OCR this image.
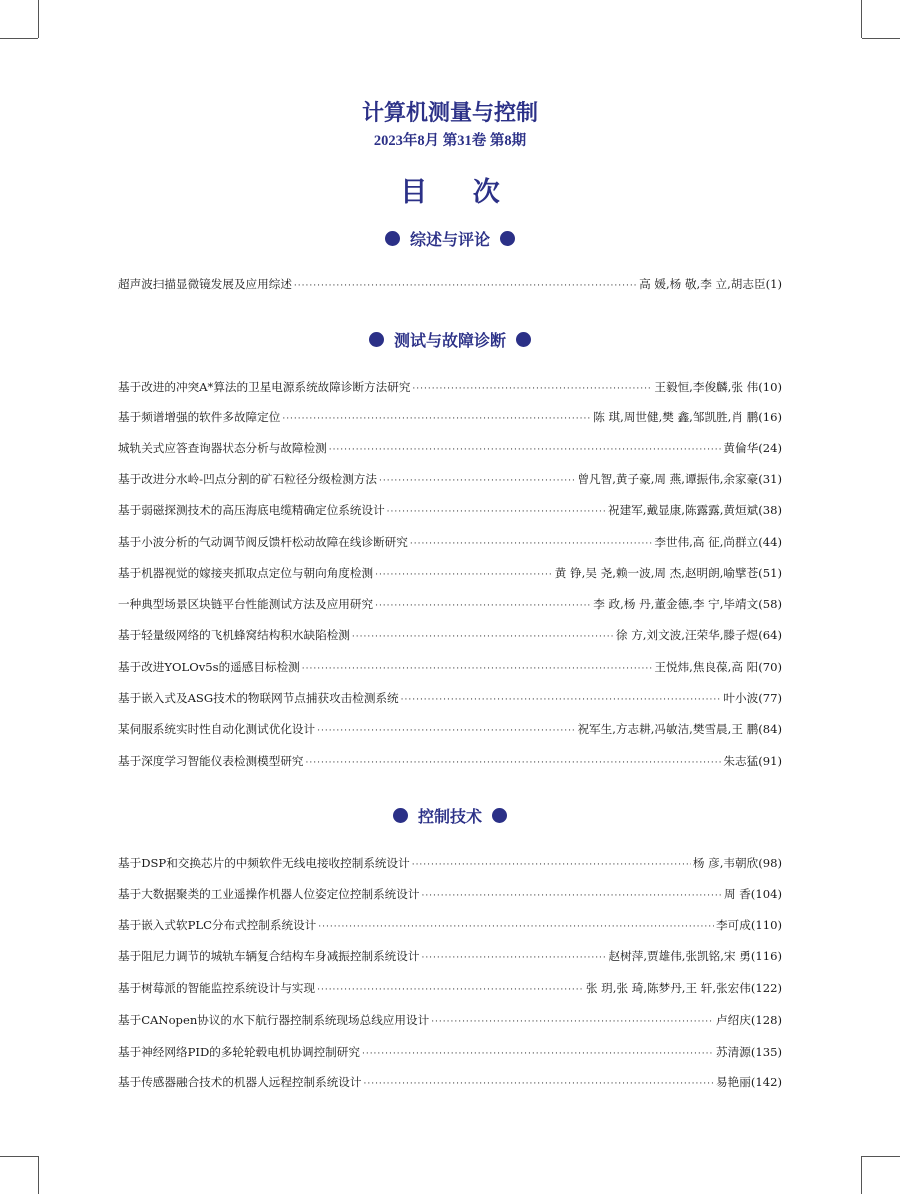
计算机测量与控制
2023年8月 第31卷 第8期
目 次
综述与评论
超声波扫描显微镜发展及应用综述 ·····	高 媛,杨 敬,李 立,胡志臣(1)
测试与故障诊断
基于改进的冲突A*算法的卫星电源系统故障诊断方法研究 ·····	王毅恒,李俊麟,张 伟(10)
基于频谱增强的软件多故障定位 ·····	陈 琪,周世健,樊 鑫,邹凯胜,肖 鹏(16)
城轨关式应答查询器状态分析与故障检测 ·····	黄倫华(24)
基于改进分水岭-凹点分割的矿石粒径分级检测方法 ·····	曾凡智,黄子豪,周 燕,谭振伟,余家豪(31)
基于弱磁探测技术的高压海底电缆精确定位系统设计 ·····	祝建军,戴显康,陈露露,黄烜斌(38)
基于小波分析的气动调节阀反馈杆松动故障在线诊断研究 ·····	李世伟,高 征,尚群立(44)
基于机器视觉的嫁接夹抓取点定位与朝向角度检测 ·····	黄 铮,吴 尧,赖一波,周 杰,赵明朗,喻擘苍(51)
一种典型场景区块链平台性能测试方法及应用研究 ·····	李 政,杨 丹,董金德,李 宁,毕靖文(58)
基于轻量级网络的飞机蜂窝结构积水缺陷检测 ·····	徐 方,刘文波,汪荣华,滕子煜(64)
基于改进YOLOv5s的遥感目标检测 ·····	王悦炜,焦良葆,高 阳(70)
基于嵌入式及ASG技术的物联网节点捕获攻击检测系统 ·····	叶小波(77)
某伺服系统实时性自动化测试优化设计 ·····	祝军生,方志耕,冯敏洁,樊雪晨,王 鹏(84)
基于深度学习智能仪表检测模型研究 ·····	朱志猛(91)
控制技术
基于DSP和交换芯片的中频软件无线电接收控制系统设计 ·····	杨 彦,韦朝欣(98)
基于大数据聚类的工业遥操作机器人位姿定位控制系统设计 ·····	周 香(104)
基于嵌入式软PLC分布式控制系统设计 ·····	李可成(110)
基于阻尼力调节的城轨车辆复合结构车身减振控制系统设计 ·····	赵树萍,贾雄伟,张凯铭,宋 勇(116)
基于树莓派的智能监控系统设计与实现 ·····	张 玥,张 琦,陈梦丹,王 轩,张宏伟(122)
基于CANopen协议的水下航行器控制系统现场总线应用设计 ·····	卢绍庆(128)
基于神经网络PID的多轮轮毂电机协调控制研究 ·····	苏清源(135)
基于传感器融合技术的机器人远程控制系统设计 ·····	易艳丽(142)
